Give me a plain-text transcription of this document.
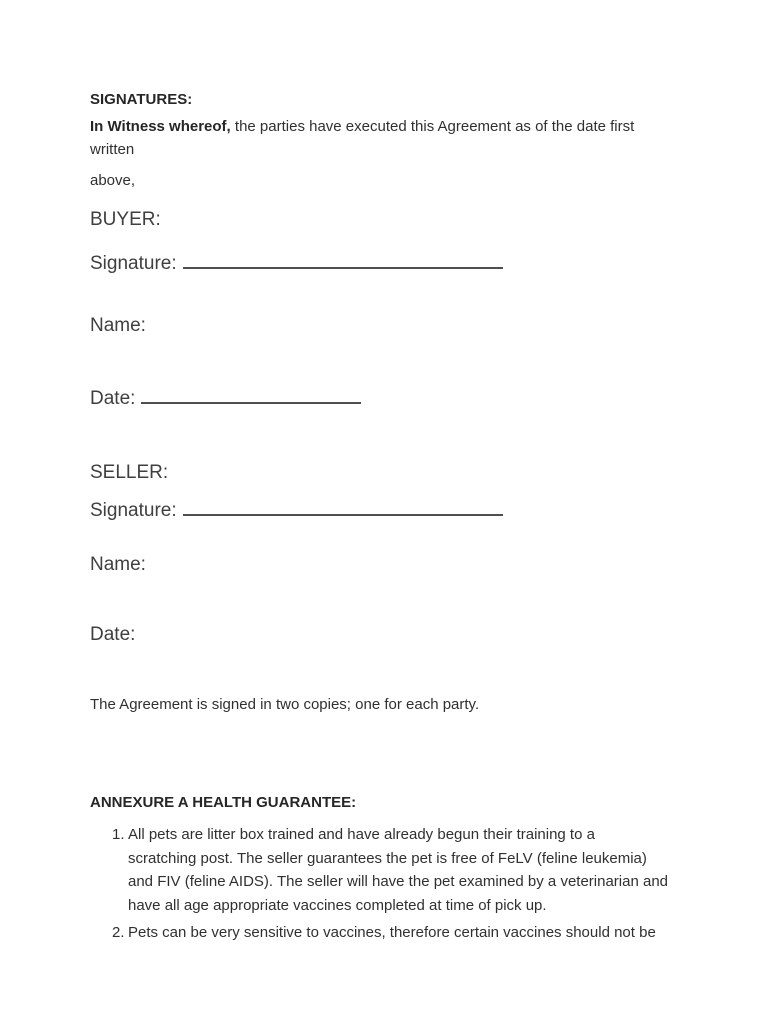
SIGNATURES:
In Witness whereof, the parties have executed this Agreement as of the date first
written
above,
BUYER:
Signature:
Name:
Date:
SELLER:
Signature:
Name:
Date:
The Agreement is signed in two copies; one for each party.
ANNEXURE A HEALTH GUARANTEE:
1. All pets are litter box trained and have already begun their training to a
scratching post. The seller guarantees the pet is free of FeLV (feline leukemia)
and FIV (feline AIDS). The seller will have the pet examined by a veterinarian and
have all age appropriate vaccines completed at time of pick up.
2. Pets can be very sensitive to vaccines, therefore certain vaccines should not be
